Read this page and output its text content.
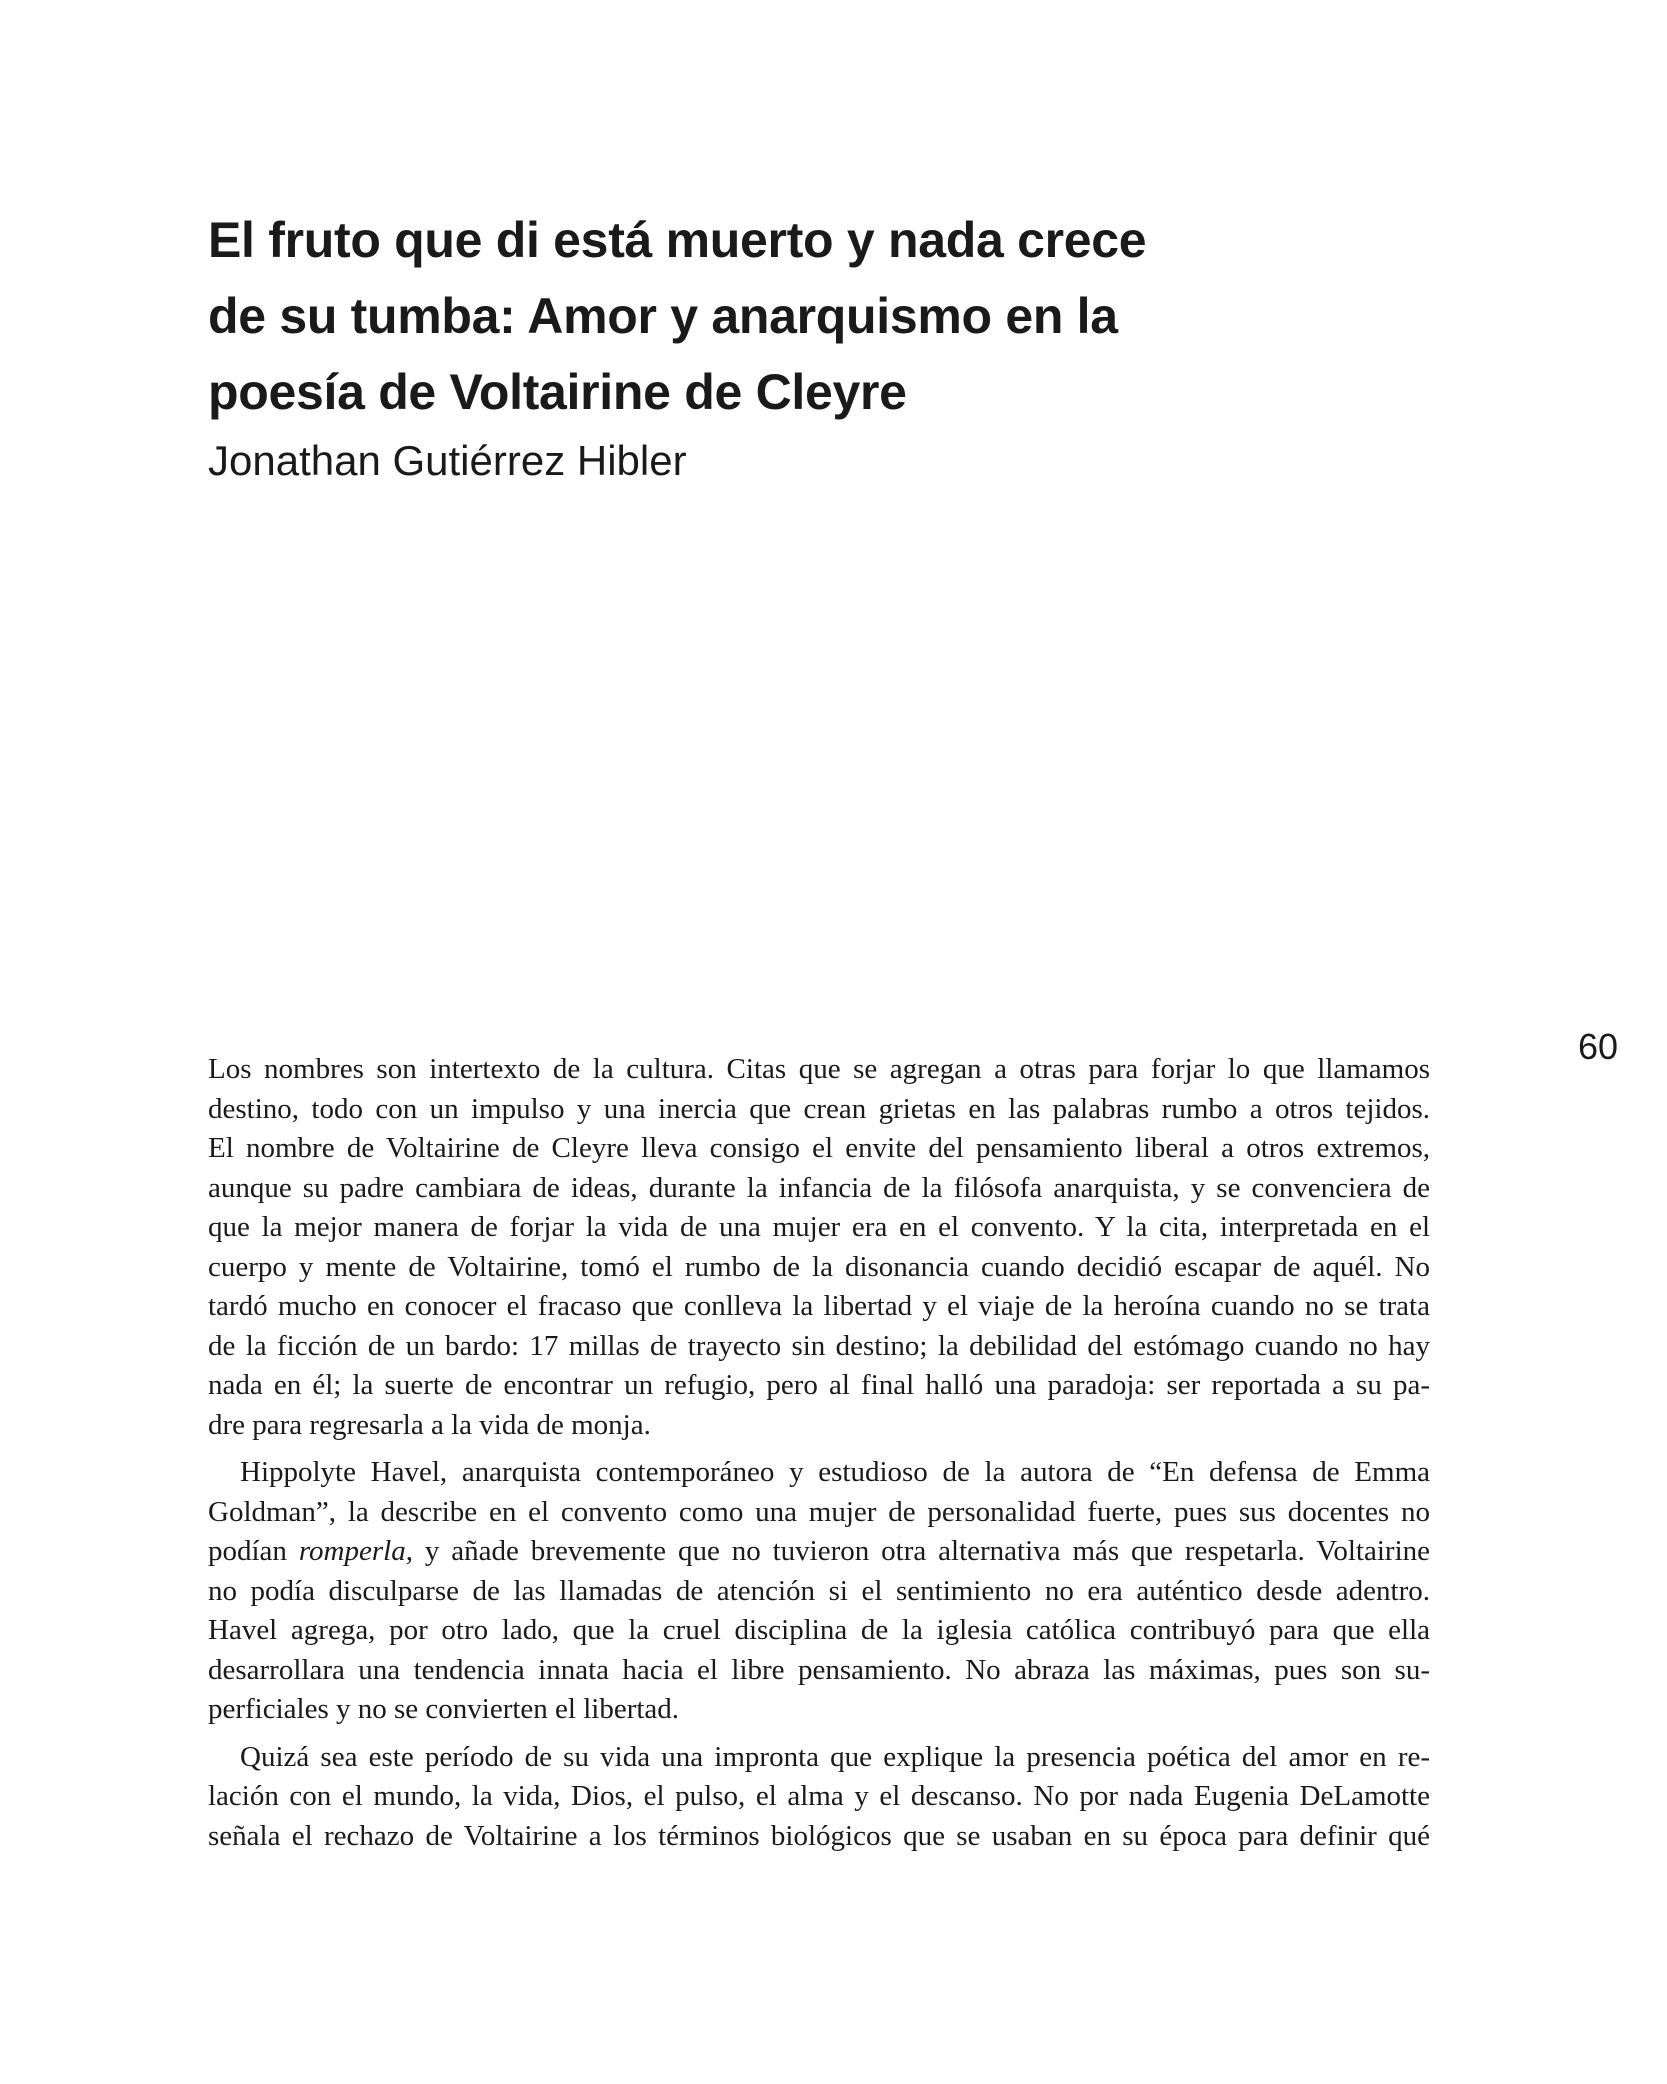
El fruto que di está muerto y nada crece
de su tumba: Amor y anarquismo en la
poesía de Voltairine de Cleyre

Jonathan Gutiérrez Hibler

60

Los nombres son intertexto de la cultura. Citas que se agregan a otras para forjar lo que llamamos
destino, todo con un impulso y una inercia que crean grietas en las palabras rumbo a otros tejidos.
El nombre de Voltairine de Cleyre lleva consigo el envite del pensamiento liberal a otros extremos,
aunque su padre cambiara de ideas, durante la infancia de la filósofa anarquista, y se convenciera de
que la mejor manera de forjar la vida de una mujer era en el convento. Y la cita, interpretada en el
cuerpo y mente de Voltairine, tomó el rumbo de la disonancia cuando decidió escapar de aquél. No
tardó mucho en conocer el fracaso que conlleva la libertad y el viaje de la heroína cuando no se trata
de la ficción de un bardo: 17 millas de trayecto sin destino; la debilidad del estómago cuando no hay
nada en él; la suerte de encontrar un refugio, pero al final halló una paradoja: ser reportada a su pa-
dre para regresarla a la vida de monja.
Hippolyte Havel, anarquista contemporáneo y estudioso de la autora de “En defensa de Emma
Goldman”, la describe en el convento como una mujer de personalidad fuerte, pues sus docentes no
podían romperla, y añade brevemente que no tuvieron otra alternativa más que respetarla. Voltairine
no podía disculparse de las llamadas de atención si el sentimiento no era auténtico desde adentro.
Havel agrega, por otro lado, que la cruel disciplina de la iglesia católica contribuyó para que ella
desarrollara una tendencia innata hacia el libre pensamiento. No abraza las máximas, pues son su-
perficiales y no se convierten el libertad.
Quizá sea este período de su vida una impronta que explique la presencia poética del amor en re-
lación con el mundo, la vida, Dios, el pulso, el alma y el descanso. No por nada Eugenia DeLamotte
señala el rechazo de Voltairine a los términos biológicos que se usaban en su época para definir qué
